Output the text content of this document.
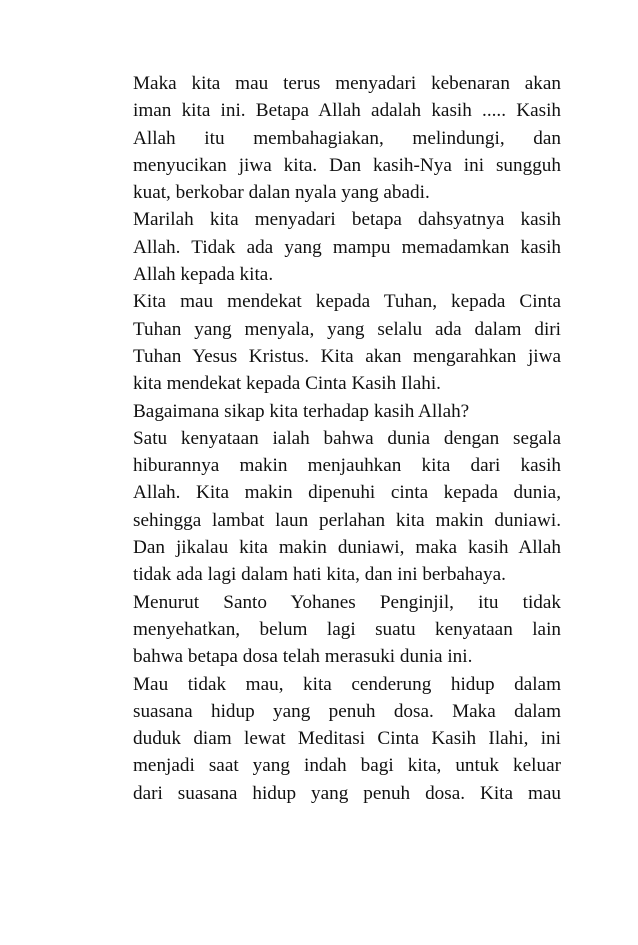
Maka kita mau terus menyadari kebenaran akan
iman kita ini. Betapa Allah adalah kasih ..... Kasih
Allah itu membahagiakan, melindungi, dan
menyucikan jiwa kita. Dan kasih-Nya ini sungguh
kuat, berkobar dalan nyala yang abadi.
Marilah kita menyadari betapa dahsyatnya kasih
Allah. Tidak ada yang mampu memadamkan kasih
Allah kepada kita.
Kita mau mendekat kepada Tuhan, kepada Cinta
Tuhan yang menyala, yang selalu ada dalam diri
Tuhan Yesus Kristus. Kita akan mengarahkan jiwa
kita mendekat kepada Cinta Kasih Ilahi.
Bagaimana sikap kita terhadap kasih Allah?
Satu kenyataan ialah bahwa dunia dengan segala
hiburannya makin menjauhkan kita dari kasih
Allah. Kita makin dipenuhi cinta kepada dunia,
sehingga lambat laun perlahan kita makin duniawi.
Dan jikalau kita makin duniawi, maka kasih Allah
tidak ada lagi dalam hati kita, dan ini berbahaya.
Menurut Santo Yohanes Penginjil, itu tidak
menyehatkan, belum lagi suatu kenyataan lain
bahwa betapa dosa telah merasuki dunia ini.
Mau tidak mau, kita cenderung hidup dalam
suasana hidup yang penuh dosa. Maka dalam
duduk diam lewat Meditasi Cinta Kasih Ilahi, ini
menjadi saat yang indah bagi kita, untuk keluar
dari suasana hidup yang penuh dosa. Kita mau
